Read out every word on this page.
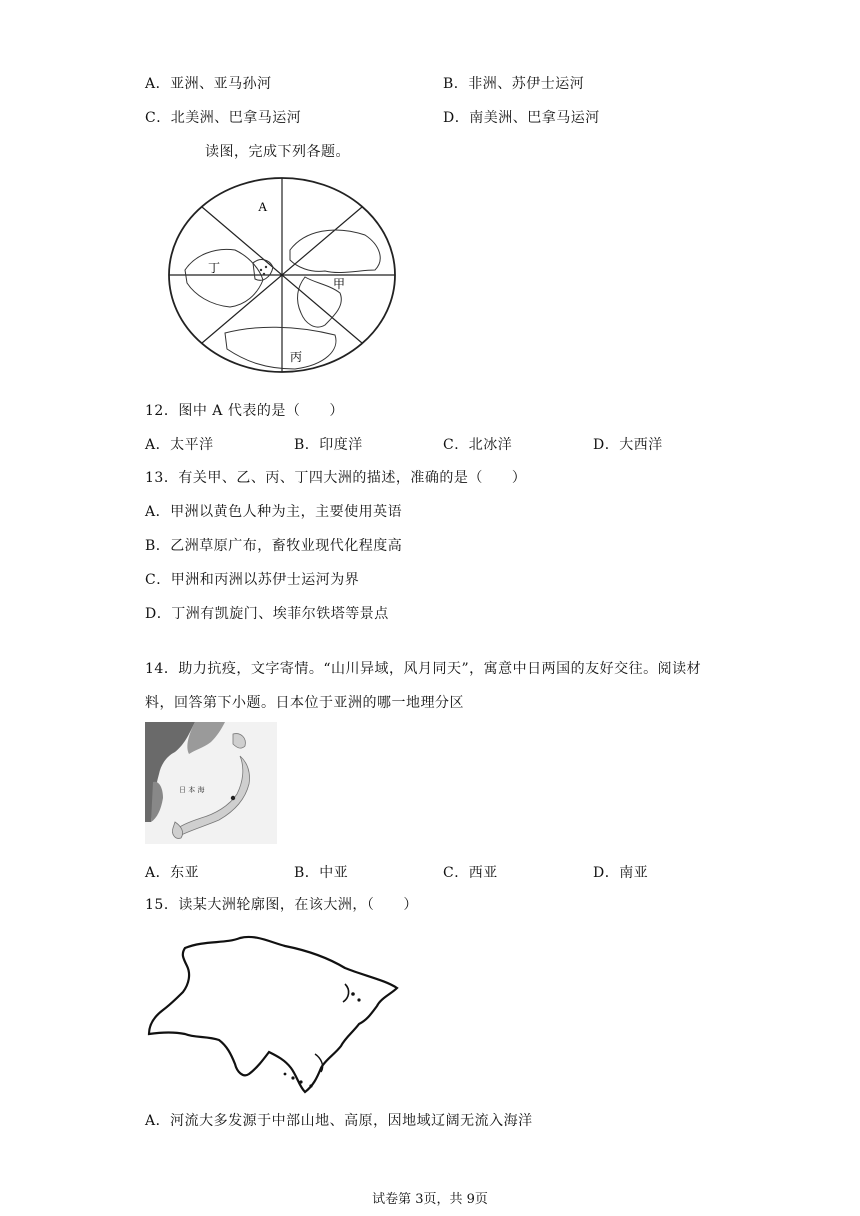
A．亚洲、亚马孙河	B．非洲、苏伊士运河
C．北美洲、巴拿马运河	D．南美洲、巴拿马运河
读图，完成下列各题。
A
甲
丙
丁
12．图中 A 代表的是（　　）
A．太平洋	B．印度洋	C．北冰洋	D．大西洋
13．有关甲、乙、丙、丁四大洲的描述，准确的是（　　）
A．甲洲以黄色人种为主，主要使用英语
B．乙洲草原广布，畜牧业现代化程度高
C．甲洲和丙洲以苏伊士运河为界
D．丁洲有凯旋门、埃菲尔铁塔等景点
14．助力抗疫，文字寄情。“山川异域，风月同天”，寓意中日两国的友好交往。阅读材
料，回答第下小题。日本位于亚洲的哪一地理分区
日 本 海
A．东亚	B．中亚	C．西亚	D．南亚
15．读某大洲轮廓图，在该大洲，（　　）
A．河流大多发源于中部山地、高原，因地域辽阔无流入海洋
试卷第 3页，共 9页
